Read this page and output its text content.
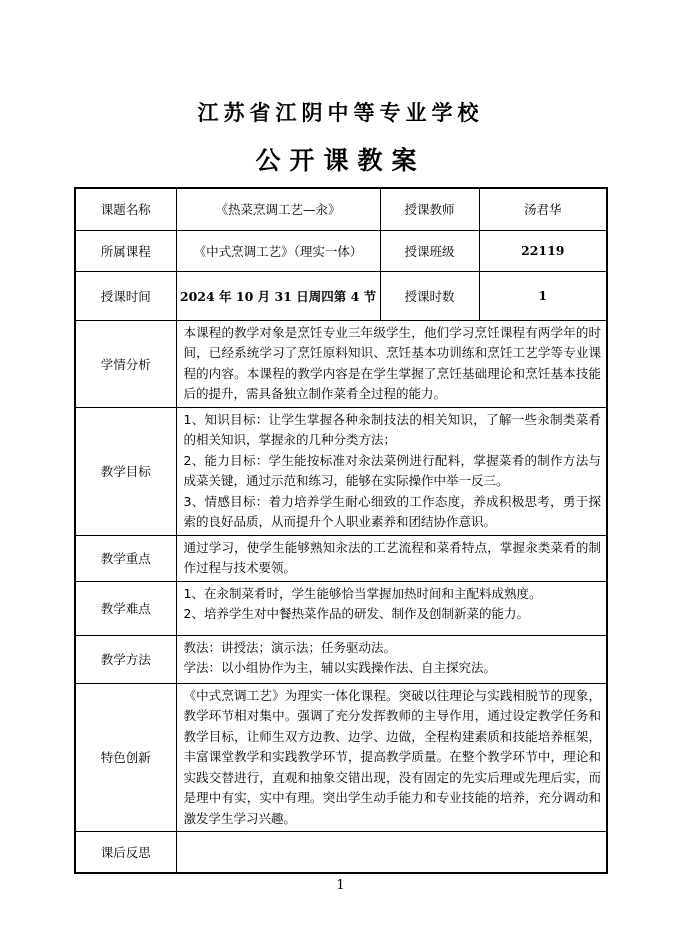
江苏省江阴中等专业学校
公开课教案
课题名称	《热菜烹调工艺—汆》	授课教师	汤君华
所属课程	《中式烹调工艺》（理实一体）	授课班级	22119
授课时间	2024 年 10 月 31 日周四第 4 节	授课时数	1
学情分析	本课程的教学对象是烹饪专业三年级学生，他们学习烹饪课程有两学年的时间，已经系统学习了烹饪原料知识、烹饪基本功训练和烹饪工艺学等专业课程的内容。本课程的教学内容是在学生掌握了烹饪基础理论和烹饪基本技能后的提升，需具备独立制作菜肴全过程的能力。		
教学目标	1、知识目标：让学生掌握各种汆制技法的相关知识，了解一些汆制类菜肴的相关知识，掌握汆的几种分类方法；

2、能力目标：学生能按标准对汆法菜例进行配料，掌握菜肴的制作方法与成菜关键，通过示范和练习，能够在实际操作中举一反三。

3、情感目标：着力培养学生耐心细致的工作态度，养成积极思考，勇于探索的良好品质，从而提升个人职业素养和团结协作意识。		

教学重点	通过学习，使学生能够熟知汆法的工艺流程和菜肴特点，掌握汆类菜肴的制作过程与技术要领。		
教学难点	1、在汆制菜肴时，学生能够恰当掌握加热时间和主配料成熟度。

2、培养学生对中餐热菜作品的研发、制作及创制新菜的能力。		

教学方法	教法：讲授法；演示法；任务驱动法。

学法：以小组协作为主，辅以实践操作法、自主探究法。		

特色创新	《中式烹调工艺》为理实一体化课程。突破以往理论与实践相脱节的现象，教学环节相对集中。强调了充分发挥教师的主导作用，通过设定教学任务和教学目标，让师生双方边教、边学、边做，全程构建素质和技能培养框架，丰富课堂教学和实践教学环节，提高教学质量。在整个教学环节中，理论和实践交替进行，直观和抽象交错出现，没有固定的先实后理或先理后实，而是理中有实，实中有理。突出学生动手能力和专业技能的培养，充分调动和激发学生学习兴趣。		
课后反思			
1
